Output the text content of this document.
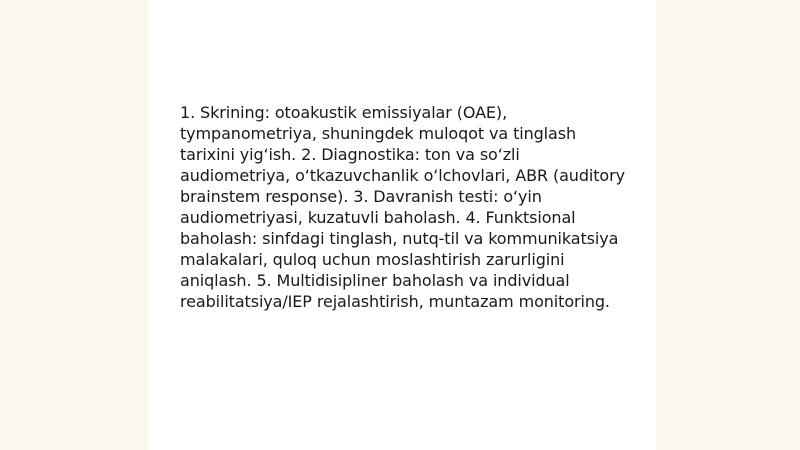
1. Skrining: otoakustik emissiyalar (OAE), tympanometriya, shuningdek muloqot va tinglash tarixini yig‘ish. 2. Diagnostika: ton va so‘zli audiometriya, o‘tkazuvchanlik o‘lchovlari, ABR (auditory brainstem response). 3. Davranish testi: o‘yin audiometriyasi, kuzatuvli baholash. 4. Funktsional baholash: sinfdagi tinglash, nutq-til va kommunikatsiya malakalari, quloq uchun moslashtirish zarurligini aniqlash. 5. Multidisipliner baholash va individual reabilitatsiya/IEP rejalashtirish, muntazam monitoring.
